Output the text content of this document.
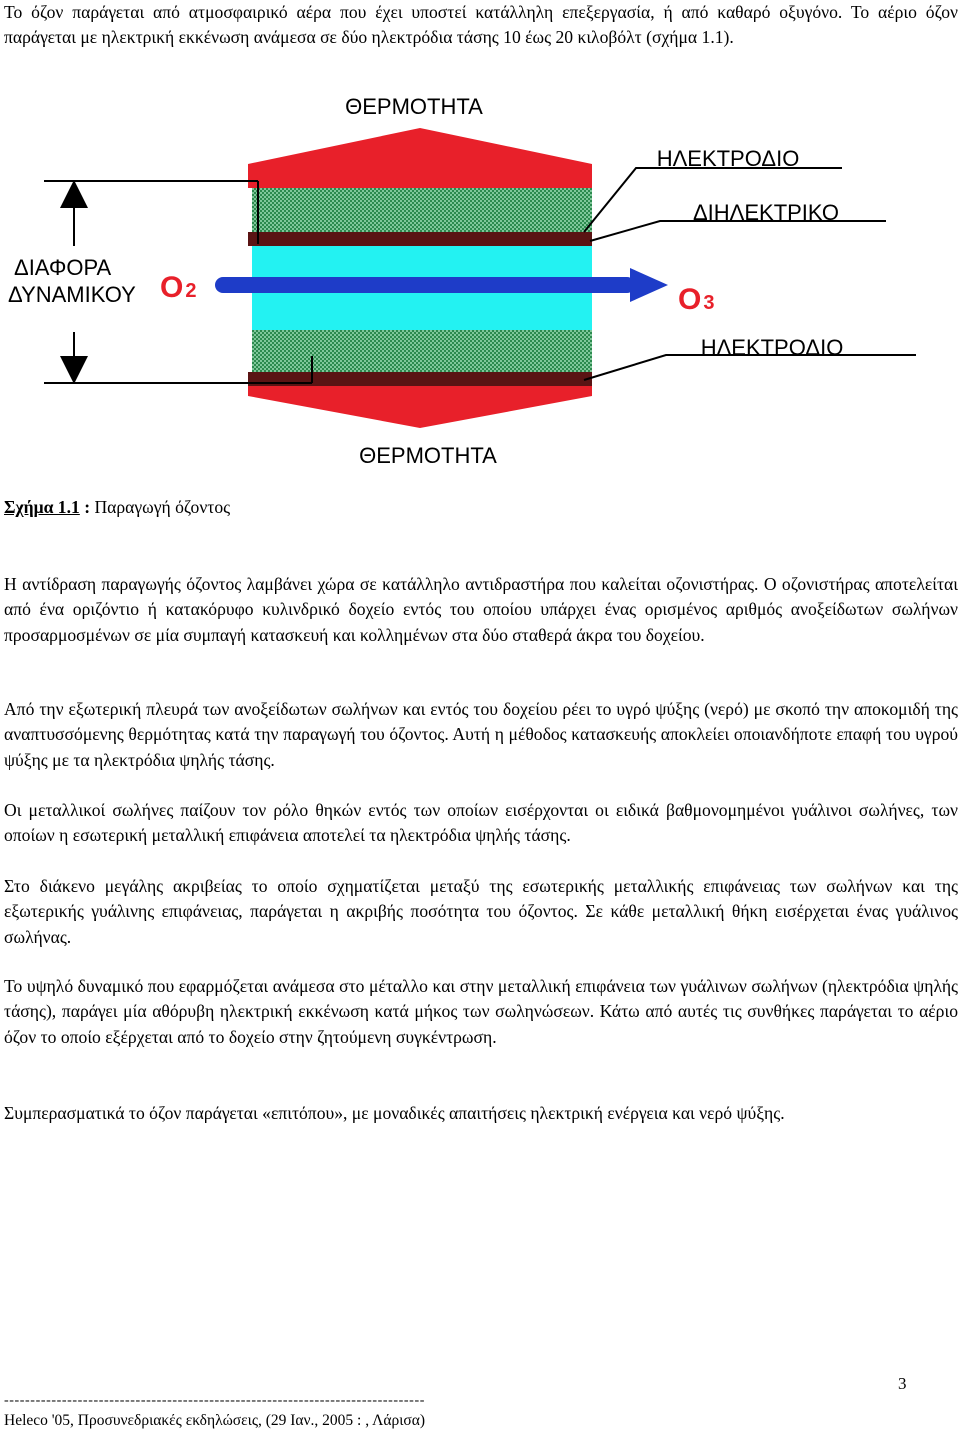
Το όζον παράγεται από ατμοσφαιρικό αέρα που έχει υποστεί κατάλληλη επεξεργασία, ή από καθαρό οξυγόνο. Το αέριο όζον παράγεται με ηλεκτρική εκκένωση ανάμεσα σε δύο ηλεκτρόδια τάσης 10 έως 20 κιλοβόλτ (σχήμα 1.1).

ΘΕΡΜΟΤΗΤΑ
ΘΕΡΜΟΤΗΤΑ
O 2	O 3
ΔΙΑΦΟΡΑ
ΔΥΝΑΜΙΚΟΥ
ΗΛΕΚΤΡΟΔΙΟ
ΔΙΗΛΕΚΤΡΙΚΟ
ΗΛΕΚΤΡΟΔΙΟ
Σχήμα 1.1 : Παραγωγή όζοντος

Η αντίδραση παραγωγής όζοντος λαμβάνει χώρα σε κατάλληλο αντιδραστήρα που καλείται οζονιστήρας. Ο οζονιστήρας αποτελείται από ένα οριζόντιο ή κατακόρυφο κυλινδρικό δοχείο εντός του οποίου υπάρχει ένας ορισμένος αριθμός ανοξείδωτων σωλήνων προσαρμοσμένων σε μία συμπαγή κατασκευή και κολλημένων στα δύο σταθερά άκρα του δοχείου.

Από την εξωτερική πλευρά των ανοξείδωτων σωλήνων και εντός του δοχείου ρέει το υγρό ψύξης (νερό) με σκοπό την αποκομιδή της αναπτυσσόμενης θερμότητας κατά την παραγωγή του όζοντος. Αυτή η μέθοδος κατασκευής αποκλείει οποιανδήποτε επαφή του υγρού ψύξης με τα ηλεκτρόδια ψηλής τάσης.

Οι μεταλλικοί σωλήνες παίζουν τον ρόλο θηκών εντός των οποίων εισέρχονται οι ειδικά βαθμονομημένοι γυάλινοι σωλήνες, των οποίων η εσωτερική μεταλλική επιφάνεια αποτελεί τα ηλεκτρόδια ψηλής τάσης.

Στο διάκενο μεγάλης ακριβείας το οποίο σχηματίζεται μεταξύ της εσωτερικής μεταλλικής επιφάνειας των σωλήνων και της εξωτερικής γυάλινης επιφάνειας, παράγεται η ακριβής ποσότητα του όζοντος. Σε κάθε μεταλλική θήκη εισέρχεται ένας γυάλινος σωλήνας.

Το υψηλό δυναμικό που εφαρμόζεται ανάμεσα στο μέταλλο και στην μεταλλική επιφάνεια των γυάλινων σωλήνων (ηλεκτρόδια ψηλής τάσης), παράγει μία αθόρυβη ηλεκτρική εκκένωση κατά μήκος των σωληνώσεων. Κάτω από αυτές τις συνθήκες παράγεται το αέριο όζον το οποίο εξέρχεται από το δοχείο στην ζητούμενη συγκέντρωση.

Συμπερασματικά το όζον παράγεται «επιτόπου», με μοναδικές απαιτήσεις ηλεκτρική ενέργεια και νερό ψύξης.

3
--------------------------------------------------------------------------------
Heleco '05, Προσυνεδριακές εκδηλώσεις, (29 Ιαν., 2005 : , Λάρισα)
